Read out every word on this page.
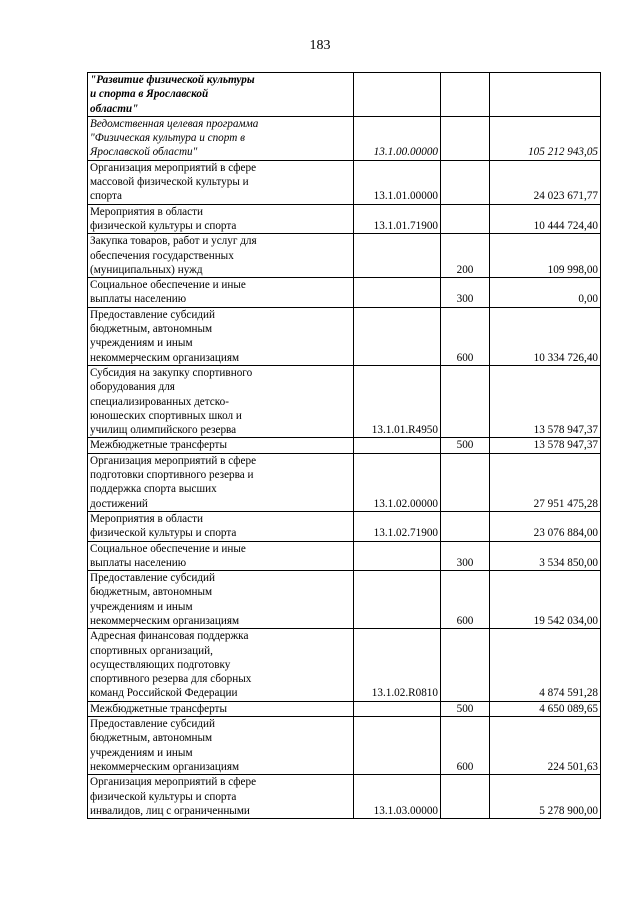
183
"Развитие физической культуры
и спорта в Ярославской
области"			

Ведомственная целевая программа
"Физическая культура и спорт в
Ярославской области"	13.1.00.00000		105 212 943,05

Организация мероприятий в сфере
массовой физической культуры и
спорта	13.1.01.00000		24 023 671,77

Мероприятия в области
физической культуры и спорта	13.1.01.71900		10 444 724,40

Закупка товаров, работ и услуг для
обеспечения государственных
(муниципальных) нужд		200	109 998,00

Социальное обеспечение и иные
выплаты населению		300	0,00

Предоставление субсидий
бюджетным, автономным
учреждениям и иным
некоммерческим организациям		600	10 334 726,40

Субсидия на закупку спортивного
оборудования для
специализированных детско-
юношеских спортивных школ и
училищ олимпийского резерва	13.1.01.R4950		13 578 947,37

Межбюджетные трансферты		500	13 578 947,37

Организация мероприятий в сфере
подготовки спортивного резерва и
поддержка спорта высших
достижений	13.1.02.00000		27 951 475,28

Мероприятия в области
физической культуры и спорта	13.1.02.71900		23 076 884,00

Социальное обеспечение и иные
выплаты населению		300	3 534 850,00

Предоставление субсидий
бюджетным, автономным
учреждениям и иным
некоммерческим организациям		600	19 542 034,00

Адресная финансовая поддержка
спортивных организаций,
осуществляющих подготовку
спортивного резерва для сборных
команд Российской Федерации	13.1.02.R0810		4 874 591,28

Межбюджетные трансферты		500	4 650 089,65

Предоставление субсидий
бюджетным, автономным
учреждениям и иным
некоммерческим организациям		600	224 501,63

Организация мероприятий в сфере
физической культуры и спорта
инвалидов, лиц с ограниченными	13.1.03.00000		5 278 900,00
